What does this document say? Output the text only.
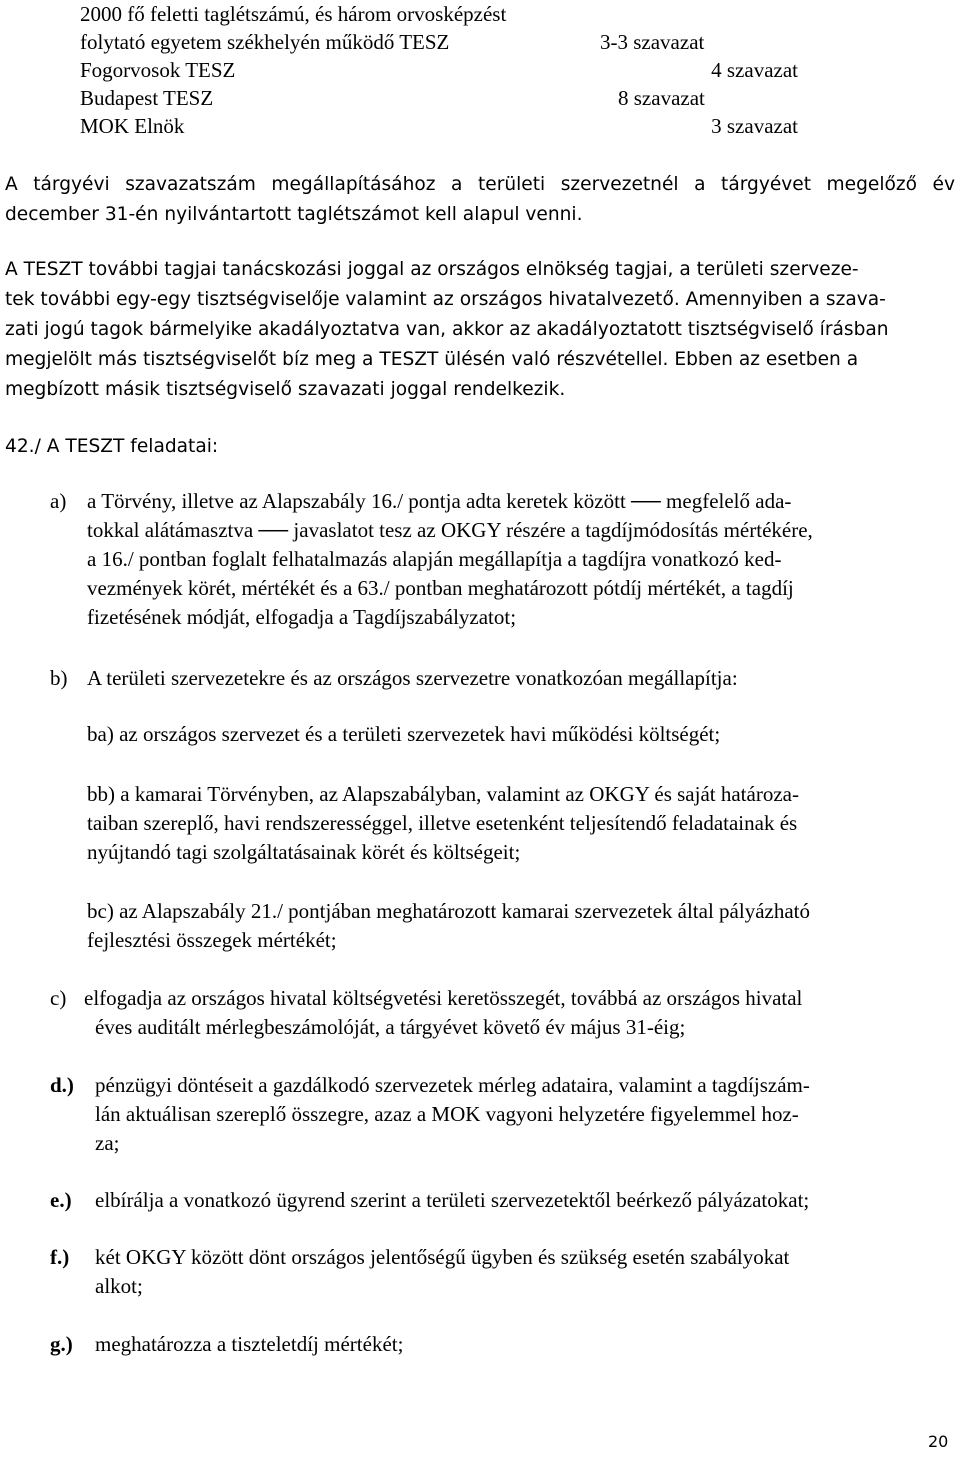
2000 fő feletti taglétszámú, és három orvosképzést
folytató egyetem székhelyén működő TESZ	3-3 szavazat
Fogorvosok TESZ	4 szavazat
Budapest TESZ	8 szavazat
MOK Elnök	3 szavazat
A tárgyévi szavazatszám megállapításához a területi szervezetnél a tárgyévet megelőző év december 31-én nyilvántartott taglétszámot kell alapul venni.
A TESZT további tagjai tanácskozási joggal az országos elnökség tagjai, a területi szerveze-
tek további egy-egy tisztségviselője valamint az országos hivatalvezető. Amennyiben a szava-
zati jogú tagok bármelyike akadályoztatva van, akkor az akadályoztatott tisztségviselő írásban
megjelölt más tisztségviselőt bíz meg a TESZT ülésén való részvétellel. Ebben az esetben a
megbízott másik tisztségviselő szavazati joggal rendelkezik.
42./ A TESZT feladatai:
a) a Törvény, illetve az Alapszabály 16./ pontja adta keretek között ── megfelelő ada-
tokkal alátámasztva ── javaslatot tesz az OKGY részére a tagdíjmódosítás mértékére,
a 16./ pontban foglalt felhatalmazás alapján megállapítja a tagdíjra vonatkozó ked-
vezmények körét, mértékét és a 63./ pontban meghatározott pótdíj mértékét, a tagdíj
fizetésének módját, elfogadja a Tagdíjszabályzatot;
b) A területi szervezetekre és az országos szervezetre vonatkozóan megállapítja:
ba) az országos szervezet és a területi szervezetek havi működési költségét;
bb) a kamarai Törvényben, az Alapszabályban, valamint az OKGY és saját határoza-
taiban szereplő, havi rendszerességgel, illetve esetenként teljesítendő feladatainak és
nyújtandó tagi szolgáltatásainak körét és költségeit;
bc) az Alapszabály 21./ pontjában meghatározott kamarai szervezetek által pályázható
fejlesztési összegek mértékét;
c) elfogadja az országos hivatal költségvetési keretösszegét, továbbá az országos hivatal
éves auditált mérlegbeszámolóját, a tárgyévet követő év május 31-éig;
d.) pénzügyi döntéseit a gazdálkodó szervezetek mérleg adataira, valamint a tagdíjszám-
lán aktuálisan szereplő összegre, azaz a MOK vagyoni helyzetére figyelemmel hoz-
za;
e.) elbírálja a vonatkozó ügyrend szerint a területi szervezetektől beérkező pályázatokat;
f.) két OKGY között dönt országos jelentőségű ügyben és szükség esetén szabályokat
alkot;
g.) meghatározza a tiszteletdíj mértékét;
20
